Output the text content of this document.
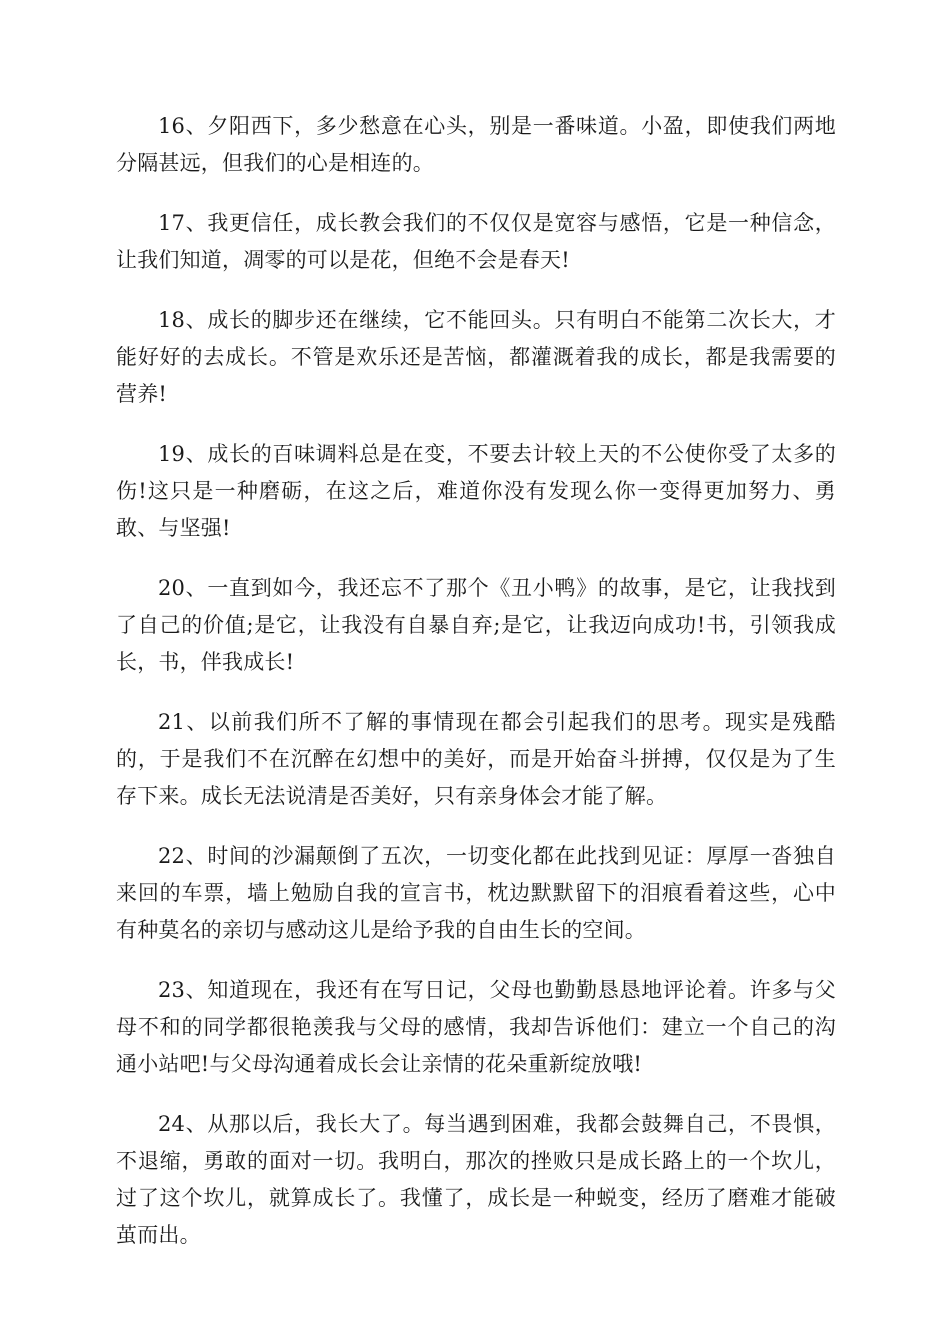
16、夕阳西下，多少愁意在心头，别是一番味道。小盈，即使我们两地分隔甚远，但我们的心是相连的。

17、我更信任，成长教会我们的不仅仅是宽容与感悟，它是一种信念，让我们知道，凋零的可以是花，但绝不会是春天!

18、成长的脚步还在继续，它不能回头。只有明白不能第二次长大，才能好好的去成长。不管是欢乐还是苦恼，都灌溉着我的成长，都是我需要的营养!

19、成长的百味调料总是在变，不要去计较上天的不公使你受了太多的伤!这只是一种磨砺，在这之后，难道你没有发现么你一变得更加努力、勇敢、与坚强!

20、一直到如今，我还忘不了那个《丑小鸭》的故事，是它，让我找到了自己的价值;是它，让我没有自暴自弃;是它，让我迈向成功!书，引领我成长，书，伴我成长!

21、以前我们所不了解的事情现在都会引起我们的思考。现实是残酷的，于是我们不在沉醉在幻想中的美好，而是开始奋斗拼搏，仅仅是为了生存下来。成长无法说清是否美好，只有亲身体会才能了解。

22、时间的沙漏颠倒了五次，一切变化都在此找到见证：厚厚一沓独自来回的车票，墙上勉励自我的宣言书，枕边默默留下的泪痕看着这些，心中有种莫名的亲切与感动这儿是给予我的自由生长的空间。

23、知道现在，我还有在写日记，父母也勤勤恳恳地评论着。许多与父母不和的同学都很艳羡我与父母的感情，我却告诉他们：建立一个自己的沟通小站吧!与父母沟通着成长会让亲情的花朵重新绽放哦!

24、从那以后，我长大了。每当遇到困难，我都会鼓舞自己，不畏惧，不退缩，勇敢的面对一切。我明白，那次的挫败只是成长路上的一个坎儿，过了这个坎儿，就算成长了。我懂了，成长是一种蜕变，经历了磨难才能破茧而出。
